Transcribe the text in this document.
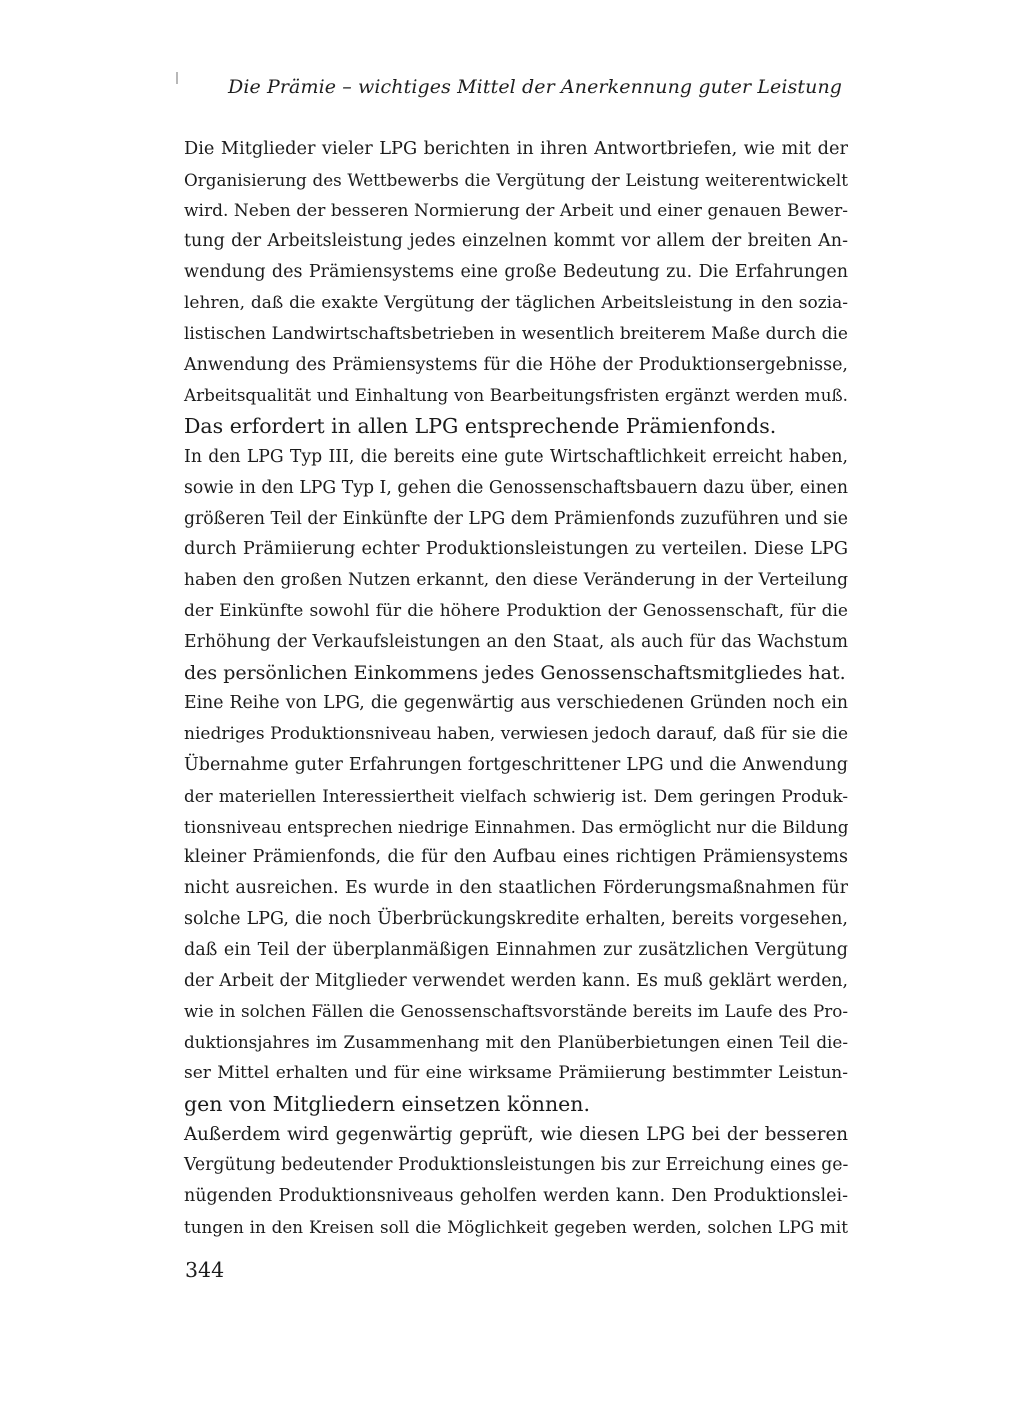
Die Prämie – wichtiges Mittel der Anerkennung guter Leistung
Die Mitglieder vieler LPG berichten in ihren Antwortbriefen, wie mit der
Organisierung des Wettbewerbs die Vergütung der Leistung weiterentwickelt
wird. Neben der besseren Normierung der Arbeit und einer genauen Bewer-
tung der Arbeitsleistung jedes einzelnen kommt vor allem der breiten An-
wendung des Prämiensystems eine große Bedeutung zu. Die Erfahrungen
lehren, daß die exakte Vergütung der täglichen Arbeitsleistung in den sozia-
listischen Landwirtschaftsbetrieben in wesentlich breiterem Maße durch die
Anwendung des Prämiensystems für die Höhe der Produktionsergebnisse,
Arbeitsqualität und Einhaltung von Bearbeitungsfristen ergänzt werden muß.
Das erfordert in allen LPG entsprechende Prämienfonds.
In den LPG Typ III, die bereits eine gute Wirtschaftlichkeit erreicht haben,
sowie in den LPG Typ I, gehen die Genossenschaftsbauern dazu über, einen
größeren Teil der Einkünfte der LPG dem Prämienfonds zuzuführen und sie
durch Prämiierung echter Produktionsleistungen zu verteilen. Diese LPG
haben den großen Nutzen erkannt, den diese Veränderung in der Verteilung
der Einkünfte sowohl für die höhere Produktion der Genossenschaft, für die
Erhöhung der Verkaufsleistungen an den Staat, als auch für das Wachstum
des persönlichen Einkommens jedes Genossenschaftsmitgliedes hat.
Eine Reihe von LPG, die gegenwärtig aus verschiedenen Gründen noch ein
niedriges Produktionsniveau haben, verwiesen jedoch darauf, daß für sie die
Übernahme guter Erfahrungen fortgeschrittener LPG und die Anwendung
der materiellen Interessiertheit vielfach schwierig ist. Dem geringen Produk-
tionsniveau entsprechen niedrige Einnahmen. Das ermöglicht nur die Bildung
kleiner Prämienfonds, die für den Aufbau eines richtigen Prämiensystems
nicht ausreichen. Es wurde in den staatlichen Förderungsmaßnahmen für
solche LPG, die noch Überbrückungskredite erhalten, bereits vorgesehen,
daß ein Teil der überplanmäßigen Einnahmen zur zusätzlichen Vergütung
der Arbeit der Mitglieder verwendet werden kann. Es muß geklärt werden,
wie in solchen Fällen die Genossenschaftsvorstände bereits im Laufe des Pro-
duktionsjahres im Zusammenhang mit den Planüberbietungen einen Teil die-
ser Mittel erhalten und für eine wirksame Prämiierung bestimmter Leistun-
gen von Mitgliedern einsetzen können.
Außerdem wird gegenwärtig geprüft, wie diesen LPG bei der besseren
Vergütung bedeutender Produktionsleistungen bis zur Erreichung eines ge-
nügenden Produktionsniveaus geholfen werden kann. Den Produktionslei-
tungen in den Kreisen soll die Möglichkeit gegeben werden, solchen LPG mit
344
